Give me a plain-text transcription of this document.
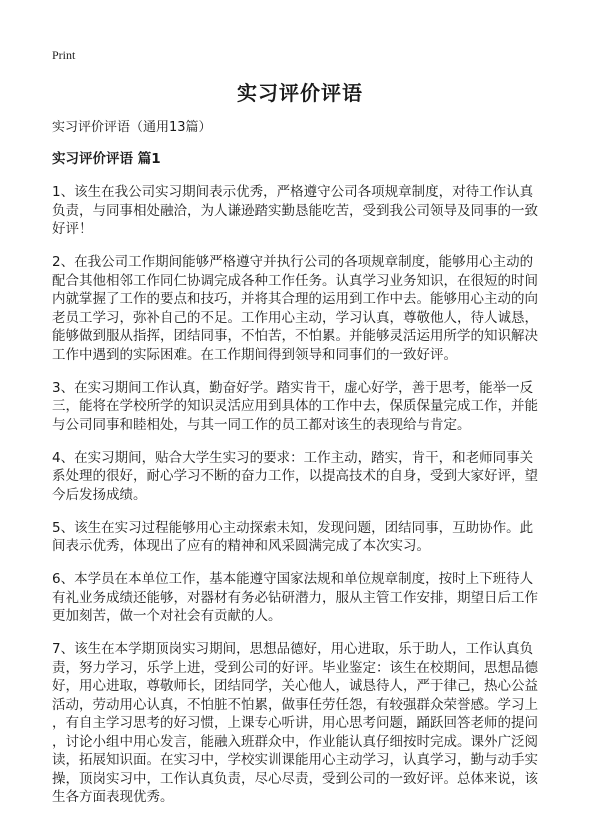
Print
实习评价评语

实习评价评语（通用13篇）

实习评价评语 篇1

1、该生在我公司实习期间表示优秀，严格遵守公司各项规章制度，对待工作认真
负责，与同事相处融洽，为人谦逊踏实勤恳能吃苦，受到我公司领导及同事的一致
好评！

2、在我公司工作期间能够严格遵守并执行公司的各项规章制度，能够用心主动的
配合其他相邻工作同仁协调完成各种工作任务。认真学习业务知识，在很短的时间
内就掌握了工作的要点和技巧，并将其合理的运用到工作中去。能够用心主动的向
老员工学习，弥补自己的不足。工作用心主动，学习认真，尊敬他人，待人诚恳，
能够做到服从指挥，团结同事，不怕苦，不怕累。并能够灵活运用所学的知识解决
工作中遇到的实际困难。在工作期间得到领导和同事们的一致好评。

3、在实习期间工作认真，勤奋好学。踏实肯干，虚心好学，善于思考，能举一反
三，能将在学校所学的知识灵活应用到具体的工作中去，保质保量完成工作，并能
与公司同事和睦相处，与其一同工作的员工都对该生的表现给与肯定。

4、在实习期间，贴合大学生实习的要求：工作主动，踏实，肯干，和老师同事关
系处理的很好，耐心学习不断的奋力工作，以提高技术的自身，受到大家好评，望
今后发扬成绩。

5、该生在实习过程能够用心主动探索未知，发现问题，团结同事，互助协作。此
间表示优秀，体现出了应有的精神和风采圆满完成了本次实习。

6、本学员在本单位工作，基本能遵守国家法规和单位规章制度，按时上下班待人
有礼业务成绩还能够，对器材有务必钻研潜力，服从主管工作安排，期望日后工作
更加刻苦，做一个对社会有贡献的人。

7、该生在本学期顶岗实习期间，思想品德好，用心进取，乐于助人，工作认真负
责，努力学习，乐学上进，受到公司的好评。毕业鉴定：该生在校期间，思想品德
好，用心进取，尊敬师长，团结同学，关心他人，诚恳待人，严于律己，热心公益
活动，劳动用心认真，不怕脏不怕累，做事任劳任怨，有较强群众荣誉感。学习上
，有自主学习思考的好习惯，上课专心听讲，用心思考问题，踊跃回答老师的提问
，讨论小组中用心发言，能融入班群众中，作业能认真仔细按时完成。课外广泛阅
读，拓展知识面。在实习中，学校实训课能用心主动学习，认真学习，勤与动手实
操，顶岗实习中，工作认真负责，尽心尽责，受到公司的一致好评。总体来说，该
生各方面表现优秀。
